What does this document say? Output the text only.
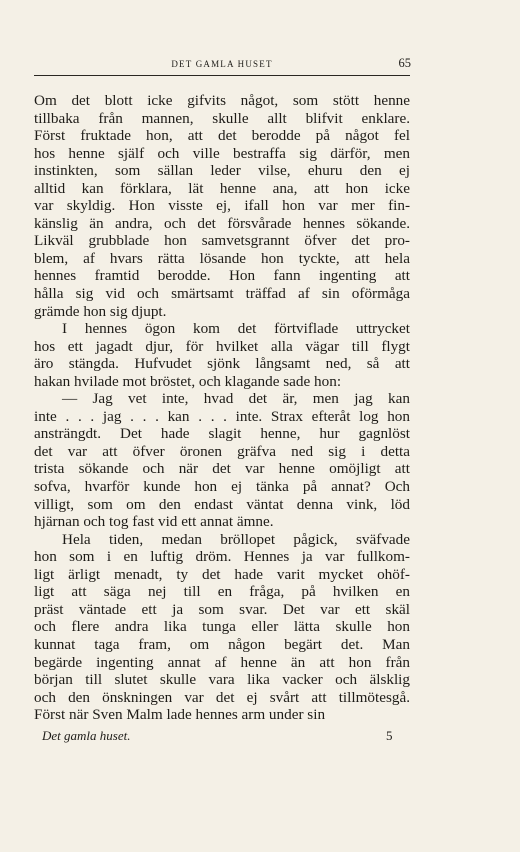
DET GAMLA HUSET	65
Om det blott icke gifvits något, som stött henne
tillbaka från mannen, skulle allt blifvit enklare.
Först fruktade hon, att det berodde på något fel
hos henne själf och ville bestraffa sig därför, men
instinkten, som sällan leder vilse, ehuru den ej
alltid kan förklara, lät henne ana, att hon icke
var skyldig. Hon visste ej, ifall hon var mer fin-
känslig än andra, och det försvårade hennes sökande.
Likväl grubblade hon samvetsgrannt öfver det pro-
blem, af hvars rätta lösande hon tyckte, att hela
hennes framtid berodde. Hon fann ingenting att
hålla sig vid och smärtsamt träffad af sin oförmåga
grämde hon sig djupt.
I hennes ögon kom det förtviflade uttrycket
hos ett jagadt djur, för hvilket alla vägar till flygt
äro stängda. Hufvudet sjönk långsamt ned, så att
hakan hvilade mot bröstet, och klagande sade hon:
— Jag vet inte, hvad det är, men jag kan
inte . . . jag . . . kan . . . inte. Strax efteråt log hon
ansträngdt. Det hade slagit henne, hur gagnlöst
det var att öfver öronen gräfva ned sig i detta
trista sökande och när det var henne omöjligt att
sofva, hvarför kunde hon ej tänka på annat? Och
villigt, som om den endast väntat denna vink, löd
hjärnan och tog fast vid ett annat ämne.
Hela tiden, medan bröllopet pågick, sväfvade
hon som i en luftig dröm. Hennes ja var fullkom-
ligt ärligt menadt, ty det hade varit mycket ohöf-
ligt att säga nej till en fråga, på hvilken en
präst väntade ett ja som svar. Det var ett skäl
och flere andra lika tunga eller lätta skulle hon
kunnat taga fram, om någon begärt det. Man
begärde ingenting annat af henne än att hon från
början till slutet skulle vara lika vacker och älsklig
och den önskningen var det ej svårt att tillmötesgå.
Först när Sven Malm lade hennes arm under sin
Det gamla huset.	5
